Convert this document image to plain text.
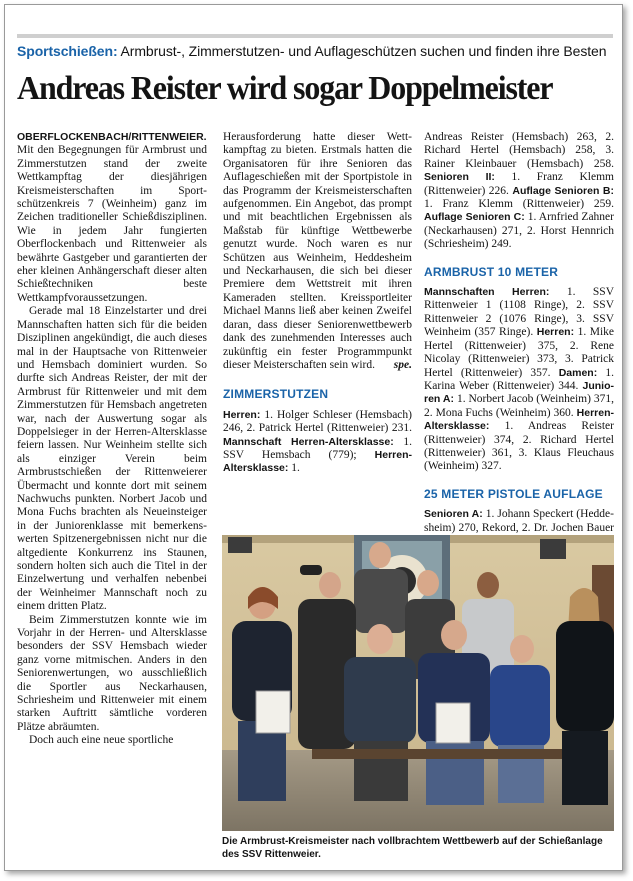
Sportschießen: Armbrust-, Zimmerstutzen- und Auflageschützen suchen und finden ihre Besten
Andreas Reister wird sogar Doppelmeister

OBERFLOCKENBACH/RITTENWEIER. Mit den Begegnungen für Armbrust und Zimmerstutzen stand der zweite Wettkampftag der diesjährigen Kreismeisterschaften im Sportschützenkreis 7 (Weinheim) ganz im Zeichen traditioneller Schießdisziplinen. Wie in jedem Jahr fungierten Oberflockenbach und Rittenweier als bewährte Gastgeber und garantierten der eher kleinen Anhängerschaft dieser alten Schießtechniken beste Wettkampfvoraussetzungen.

Gerade mal 18 Einzelstarter und drei Mannschaften hatten sich für die beiden Disziplinen angekündigt, die auch dieses mal in der Hauptsache von Rittenweier und Hemsbach dominiert wurden. So durfte sich Andreas Reister, der mit der Armbrust für Rittenweier und mit dem Zimmerstutzen für Hemsbach angetreten war, nach der Auswertung sogar als Doppelsieger in der Herren-Altersklasse feiern lassen. Nur Weinheim stellte sich als einziger Verein beim Armbrustschießen der Rittenweierer Übermacht und konnte dort mit seinem Nachwuchs punkten. Norbert Jacob und Mona Fuchs brachten als Neueinsteiger in der Juniorenklasse mit bemerkenswerten Spitzenergebnissen nicht nur die altgediente Konkurrenz ins Staunen, sondern holten sich auch die Titel in der Einzelwertung und verhalfen nebenbei der Weinheimer Mannschaft noch zu einem dritten Platz.

Beim Zimmerstutzen konnte wie im Vorjahr in der Herren- und Altersklasse besonders der SSV Hemsbach wieder ganz vorne mitmischen. Anders in den Seniorenwertungen, wo ausschließlich die Sportler aus Neckarhausen, Schriesheim und Rittenweier mit einem starken Auftritt sämtliche vorderen Plätze abräumten.

Doch auch eine neue sportliche

Herausforderung hatte dieser Wettkampftag zu bieten. Erstmals hatten die Organisatoren für ihre Senioren das Auflageschießen mit der Sportpistole in das Programm der Kreismeisterschaften aufgenommen. Ein Angebot, das prompt und mit beachtlichen Ergebnissen als Maßstab für künftige Wettbewerbe genutzt wurde. Noch waren es nur Schützen aus Weinheim, Heddesheim und Neckarhausen, die sich bei dieser Premiere dem Wettstreit mit ihren Kameraden stellten. Kreissportleiter Michael Manns ließ aber keinen Zweifel daran, dass dieser Seniorenwettbewerb dank des zunehmenden Interesses auch zukünftig ein fester Programmpunkt dieser Meisterschaften sein wird. spe.

ZIMMERSTUTZEN

Herren: 1. Holger Schleser (Hemsbach) 246, 2. Patrick Hertel (Rittenweier) 231. Mannschaft Herren-Altersklasse: 1. SSV Hemsbach (779); Herren-Altersklasse: 1.

Andreas Reister (Hemsbach) 263, 2. Richard Hertel (Hemsbach) 258, 3. Rainer Kleinbauer (Hemsbach) 258. Senioren II: 1. Franz Klemm (Rittenweier) 226. Auflage Senioren B: 1. Franz Klemm (Rittenweier) 259. Auflage Senioren C: 1. Arnfried Zahner (Neckarhausen) 271, 2. Horst Hennrich (Schriesheim) 249.

ARMBRUST 10 METER

Mannschaften Herren: 1. SSV Rittenweier 1 (1108 Ringe), 2. SSV Rittenweier 2 (1076 Ringe), 3. SSV Weinheim (357 Ringe). Herren: 1. Mike Hertel (Rittenweier) 375, 2. Rene Nicolay (Rittenweier) 373, 3. Patrick Hertel (Rittenweier) 357. Damen: 1. Karina Weber (Rittenweier) 344. Junioren A: 1. Norbert Jacob (Weinheim) 371, 2. Mona Fuchs (Weinheim) 360. Herren-Altersklasse: 1. Andreas Reister (Rittenweier) 374, 2. Richard Hertel (Rittenweier) 361, 3. Klaus Fleuchaus (Weinheim) 327.

25 METER PISTOLE AUFLAGE

Senioren A: 1. Johann Speckert (Heddesheim) 270, Rekord, 2. Dr. Jochen Bauer

Die Armbrust-Kreismeister nach vollbrachtem Wettbewerb auf der Schießanlage des SSV Rittenweier.
